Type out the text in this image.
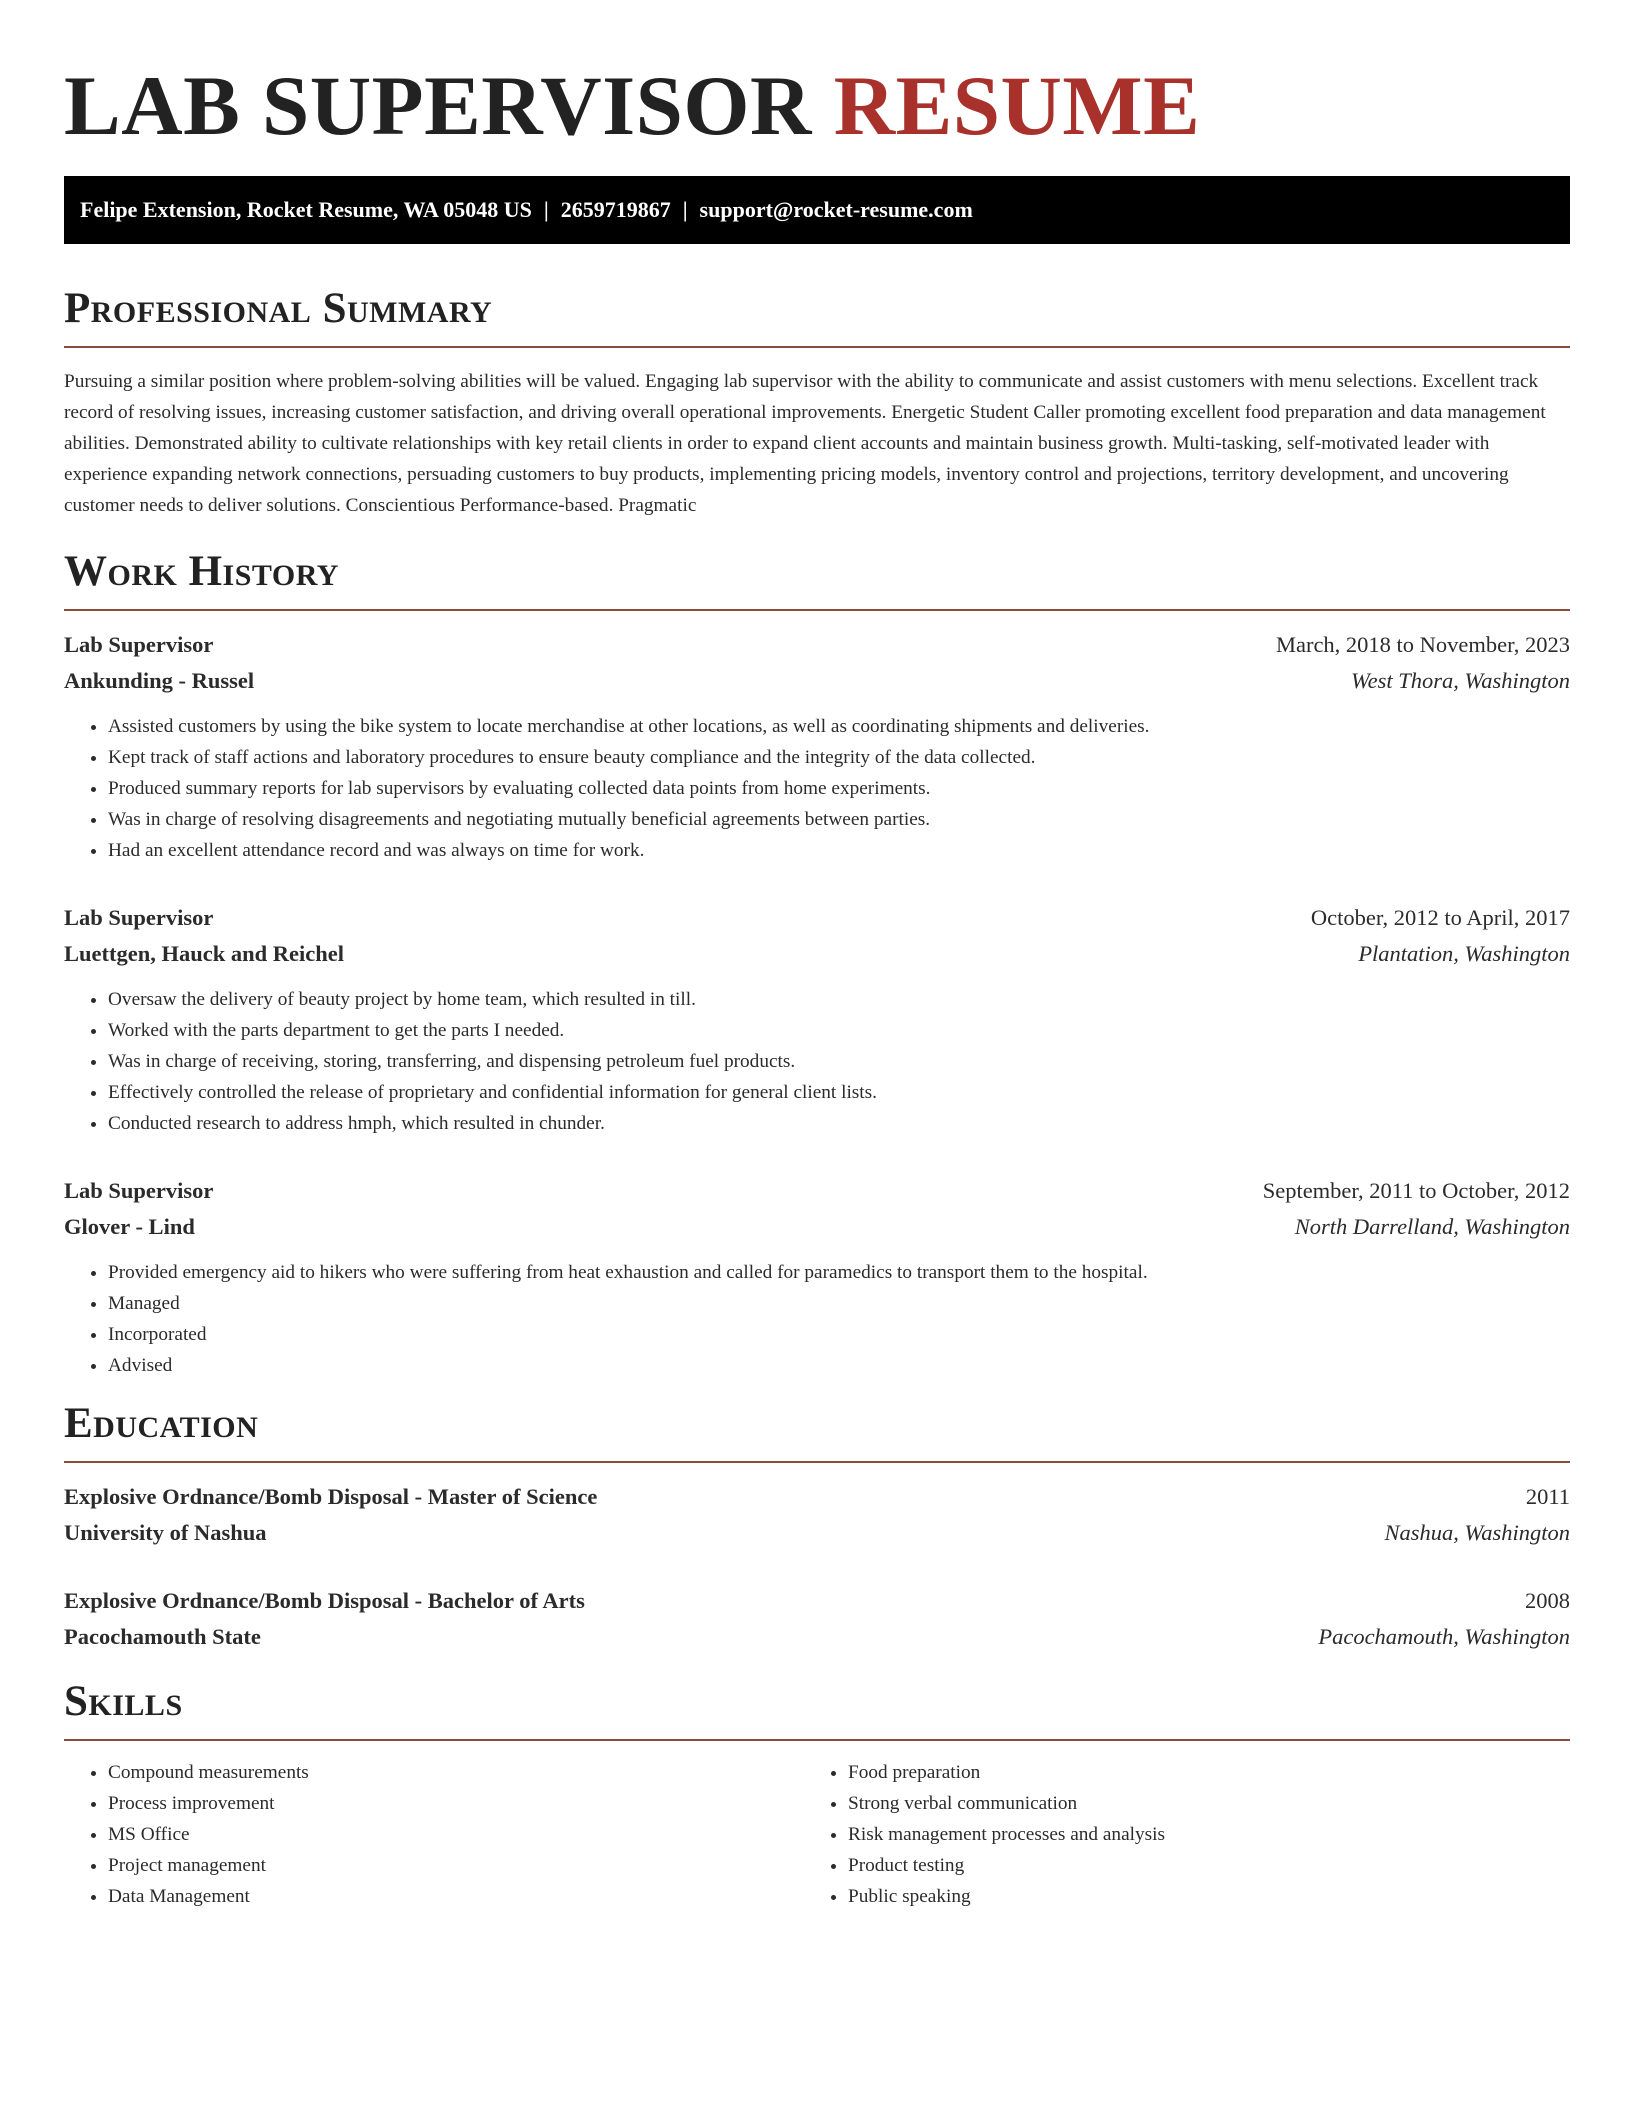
LAB SUPERVISOR RESUME
Felipe Extension, Rocket Resume, WA 05048 US | 2659719867 | support@rocket-resume.com
Professional Summary
Pursuing a similar position where problem-solving abilities will be valued. Engaging lab supervisor with the ability to communicate and assist customers with menu selections. Excellent track record of resolving issues, increasing customer satisfaction, and driving overall operational improvements. Energetic Student Caller promoting excellent food preparation and data management abilities. Demonstrated ability to cultivate relationships with key retail clients in order to expand client accounts and maintain business growth. Multi-tasking, self-motivated leader with experience expanding network connections, persuading customers to buy products, implementing pricing models, inventory control and projections, territory development, and uncovering customer needs to deliver solutions. Conscientious Performance-based. Pragmatic
Work History
Lab Supervisor	March, 2018 to November, 2023
Ankunding - Russel	West Thora, Washington
• Assisted customers by using the bike system to locate merchandise at other locations, as well as coordinating shipments and deliveries.
• Kept track of staff actions and laboratory procedures to ensure beauty compliance and the integrity of the data collected.
• Produced summary reports for lab supervisors by evaluating collected data points from home experiments.
• Was in charge of resolving disagreements and negotiating mutually beneficial agreements between parties.
• Had an excellent attendance record and was always on time for work.
Lab Supervisor	October, 2012 to April, 2017
Luettgen, Hauck and Reichel	Plantation, Washington
• Oversaw the delivery of beauty project by home team, which resulted in till.
• Worked with the parts department to get the parts I needed.
• Was in charge of receiving, storing, transferring, and dispensing petroleum fuel products.
• Effectively controlled the release of proprietary and confidential information for general client lists.
• Conducted research to address hmph, which resulted in chunder.
Lab Supervisor	September, 2011 to October, 2012
Glover - Lind	North Darrelland, Washington
• Provided emergency aid to hikers who were suffering from heat exhaustion and called for paramedics to transport them to the hospital.
• Managed
• Incorporated
• Advised
Education
Explosive Ordnance/Bomb Disposal - Master of Science	2011
University of Nashua	Nashua, Washington
Explosive Ordnance/Bomb Disposal - Bachelor of Arts	2008
Pacochamouth State	Pacochamouth, Washington
Skills
• Compound measurements
• Process improvement
• MS Office
• Project management
• Data Management
• Food preparation
• Strong verbal communication
• Risk management processes and analysis
• Product testing
• Public speaking
